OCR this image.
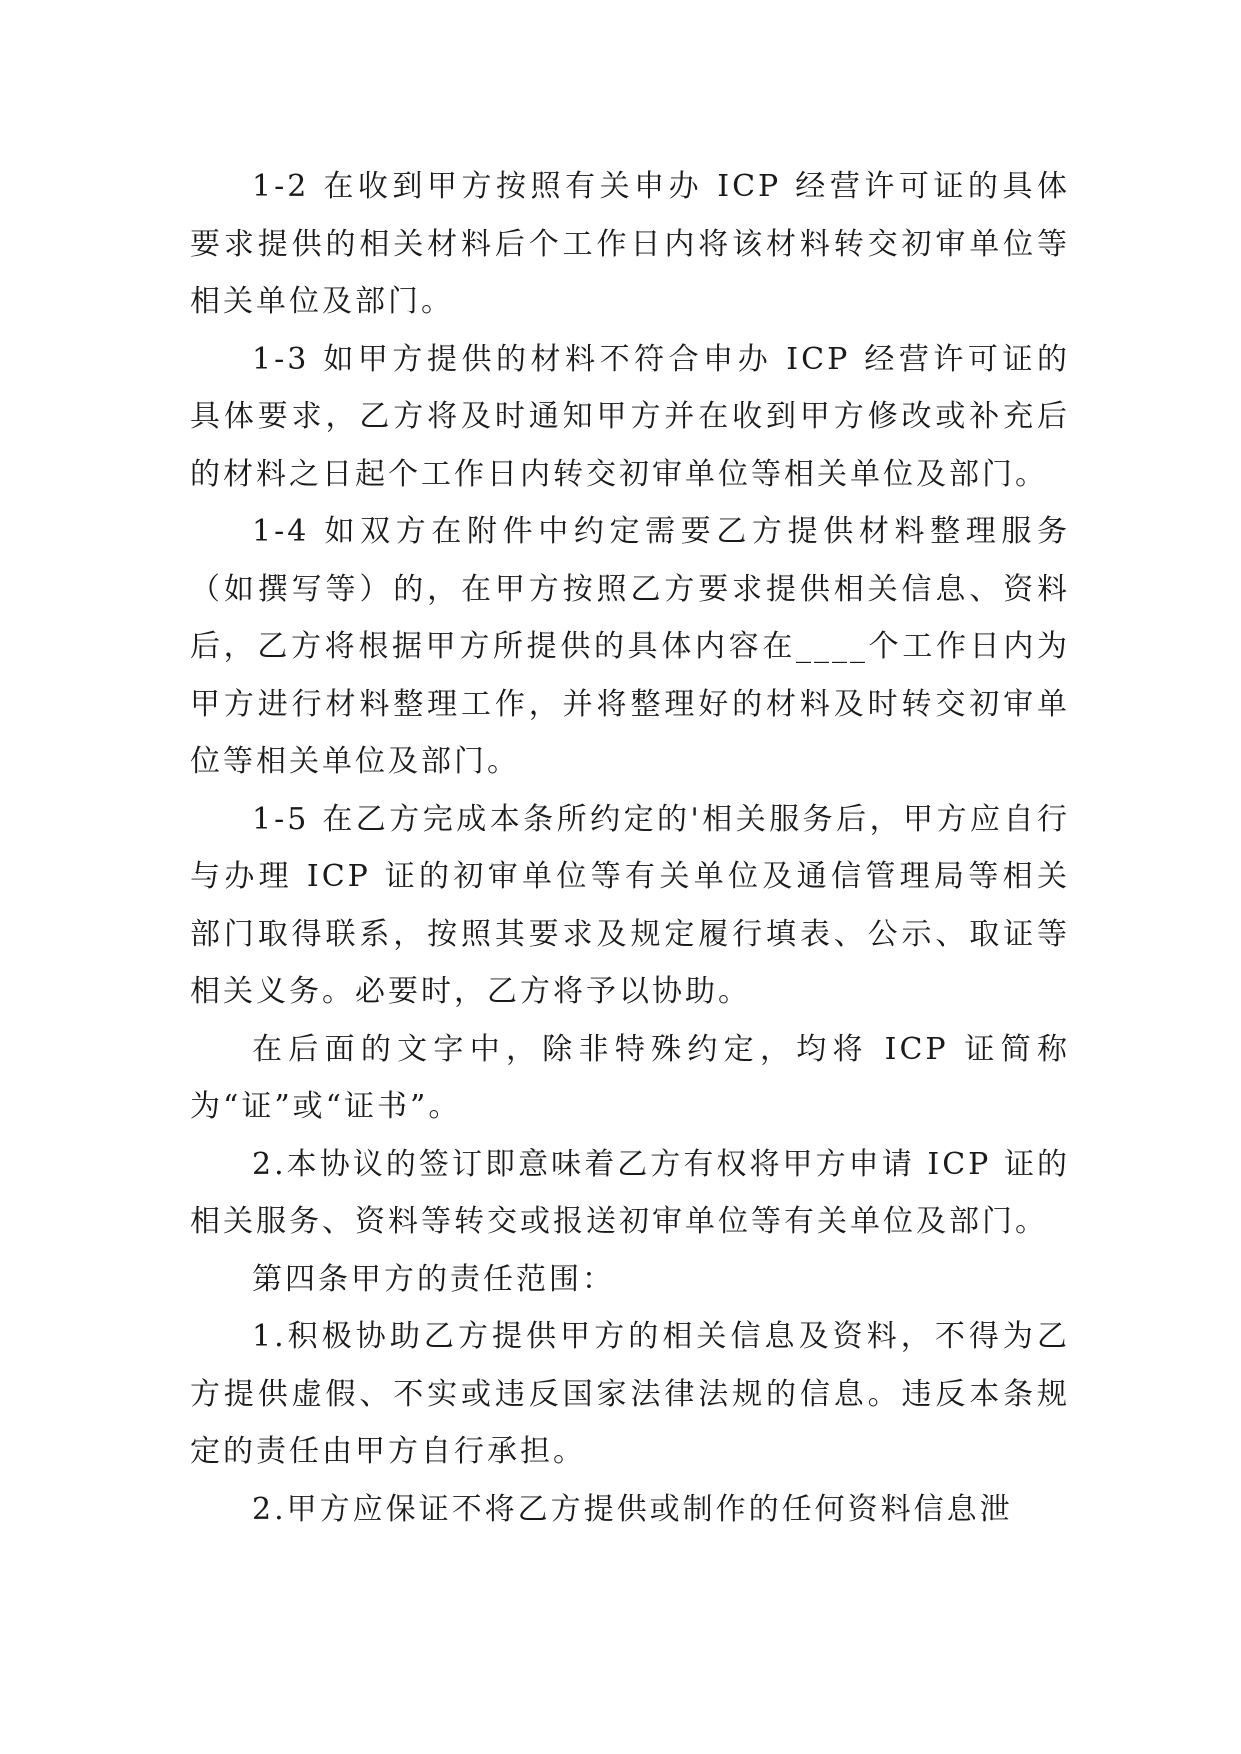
1-2 在收到甲方按照有关申办 ICP 经营许可证的具体要求提供的相关材料后个工作日内将该材料转交初审单位等相关单位及部门。

1-3 如甲方提供的材料不符合申办 ICP 经营许可证的具体要求，乙方将及时通知甲方并在收到甲方修改或补充后的材料之日起个工作日内转交初审单位等相关单位及部门。

1-4 如双方在附件中约定需要乙方提供材料整理服务（如撰写等）的，在甲方按照乙方要求提供相关信息、资料后，乙方将根据甲方所提供的具体内容在____个工作日内为甲方进行材料整理工作，并将整理好的材料及时转交初审单位等相关单位及部门。

1-5 在乙方完成本条所约定的'相关服务后，甲方应自行与办理 ICP 证的初审单位等有关单位及通信管理局等相关部门取得联系，按照其要求及规定履行填表、公示、取证等相关义务。必要时，乙方将予以协助。

在后面的文字中，除非特殊约定，均将 ICP 证简称为“证”或“证书”。

2.本协议的签订即意味着乙方有权将甲方申请 ICP 证的相关服务、资料等转交或报送初审单位等有关单位及部门。

第四条甲方的责任范围：

1.积极协助乙方提供甲方的相关信息及资料，不得为乙方提供虚假、不实或违反国家法律法规的信息。违反本条规定的责任由甲方自行承担。

2.甲方应保证不将乙方提供或制作的任何资料信息泄
